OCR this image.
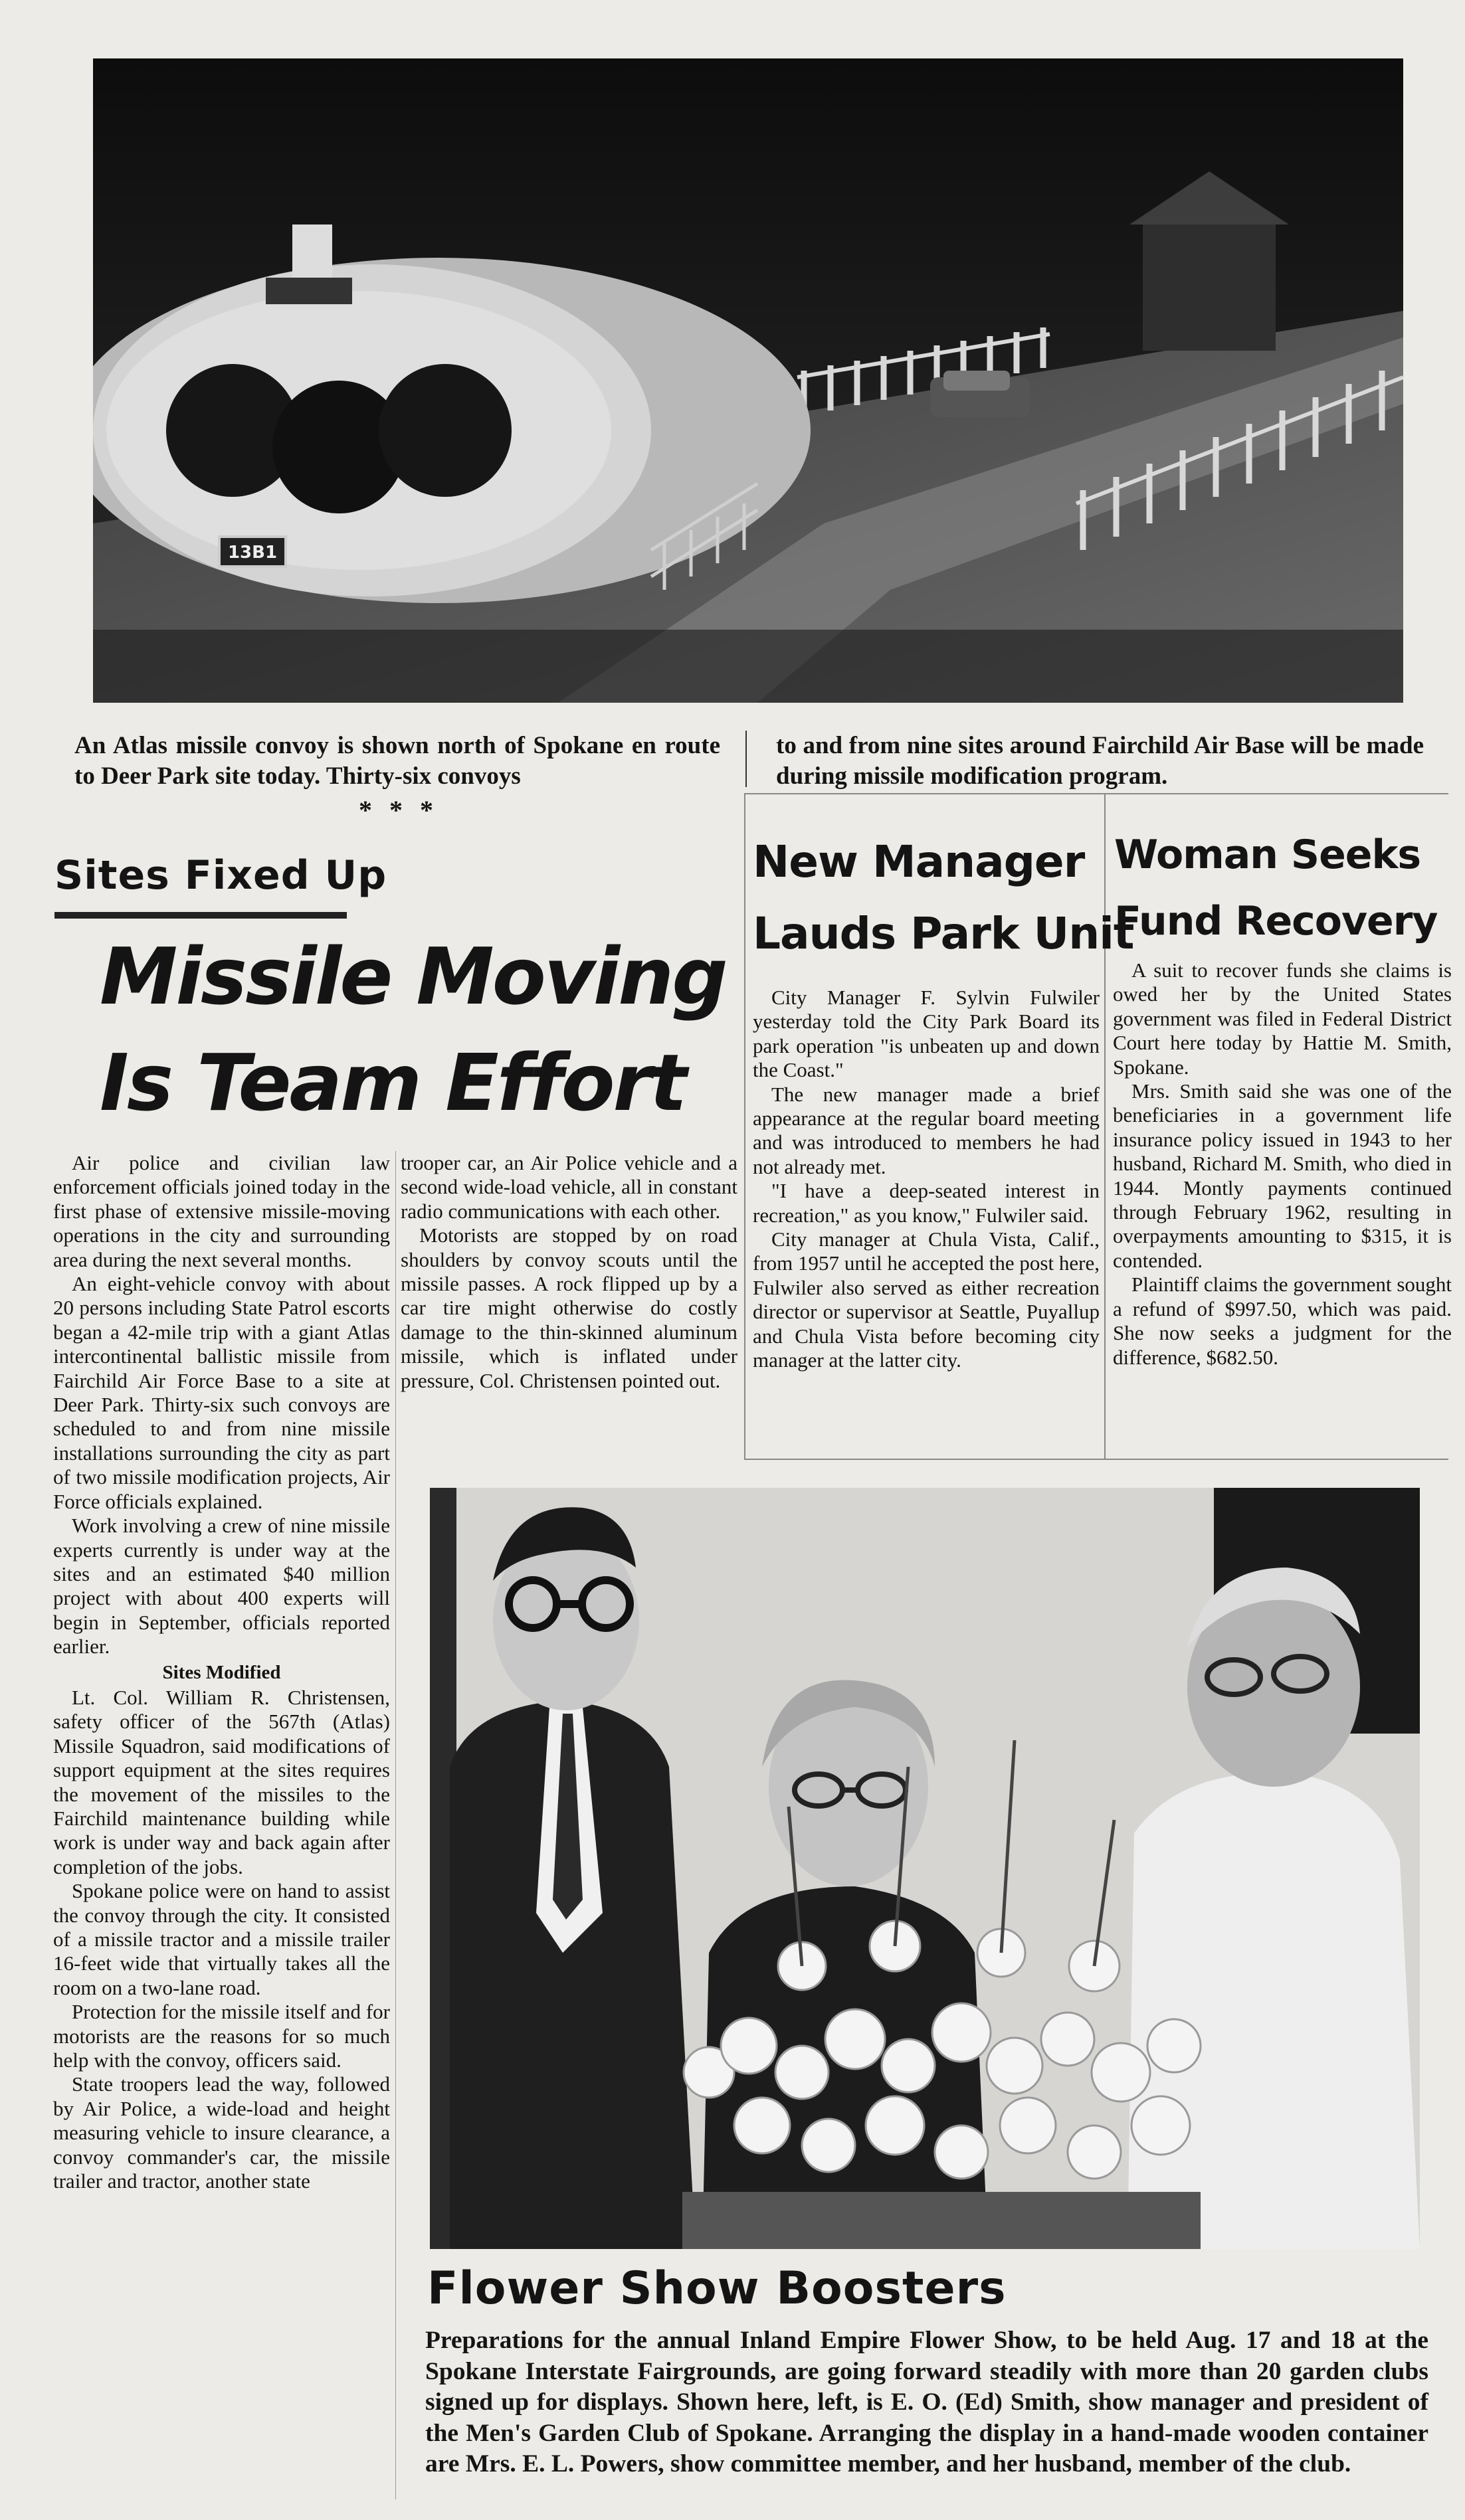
13B1
An Atlas missile convoy is shown north of Spokane en route to Deer Park site today. Thirty-six convoys
to and from nine sites around Fairchild Air Base will be made during missile modification program.
* * *
Sites Fixed Up
Missile Moving
Is Team Effort

Air police and civilian law enforcement officials joined today in the first phase of extensive missile-moving operations in the city and surrounding area during the next several months.

An eight-vehicle convoy with about 20 persons including State Patrol escorts began a 42-mile trip with a giant Atlas intercontinental ballistic missile from Fairchild Air Force Base to a site at Deer Park. Thirty-six such convoys are scheduled to and from nine missile installations surrounding the city as part of two missile modification projects, Air Force officials explained.

Work involving a crew of nine missile experts currently is under way at the sites and an estimated $40 million project with about 400 experts will begin in September, officials reported earlier.

Sites Modified

Lt. Col. William R. Christensen, safety officer of the 567th (Atlas) Missile Squadron, said modifications of support equipment at the sites requires the movement of the missiles to the Fairchild maintenance building while work is under way and back again after completion of the jobs.

Spokane police were on hand to assist the convoy through the city. It consisted of a missile tractor and a missile trailer 16-feet wide that virtually takes all the room on a two-lane road.

Protection for the missile itself and for motorists are the reasons for so much help with the convoy, officers said.

State troopers lead the way, followed by Air Police, a wide-load and height measuring vehicle to insure clearance, a convoy commander's car, the missile trailer and tractor, another state

trooper car, an Air Police vehicle and a second wide-load vehicle, all in constant radio communications with each other.

Motorists are stopped by on road shoulders by convoy scouts until the missile passes. A rock flipped up by a car tire might otherwise do costly damage to the thin-skinned aluminum missile, which is inflated under pressure, Col. Christensen pointed out.

New Manager
Lauds Park Unit

City Manager F. Sylvin Fulwiler yesterday told the City Park Board its park operation "is unbeaten up and down the Coast."

The new manager made a brief appearance at the regular board meeting and was introduced to members he had not already met.

"I have a deep-seated interest in recreation," as you know," Fulwiler said.

City manager at Chula Vista, Calif., from 1957 until he accepted the post here, Fulwiler also served as either recreation director or supervisor at Seattle, Puyallup and Chula Vista before becoming city manager at the latter city.

Woman Seeks
Fund Recovery

A suit to recover funds she claims is owed her by the United States government was filed in Federal District Court here today by Hattie M. Smith, Spokane.

Mrs. Smith said she was one of the beneficiaries in a government life insurance policy issued in 1943 to her husband, Richard M. Smith, who died in 1944. Montly payments continued through February 1962, resulting in overpayments amounting to $315, it is contended.

Plaintiff claims the government sought a refund of $997.50, which was paid. She now seeks a judgment for the difference, $682.50.

Flower Show Boosters
Preparations for the annual Inland Empire Flower Show, to be held Aug. 17 and 18 at the Spokane Interstate Fairgrounds, are going forward steadily with more than 20 garden clubs signed up for displays. Shown here, left, is E. O. (Ed) Smith, show manager and president of the Men's Garden Club of Spokane. Arranging the display in a hand-made wooden container are Mrs. E. L. Powers, show committee member, and her husband, member of the club.
